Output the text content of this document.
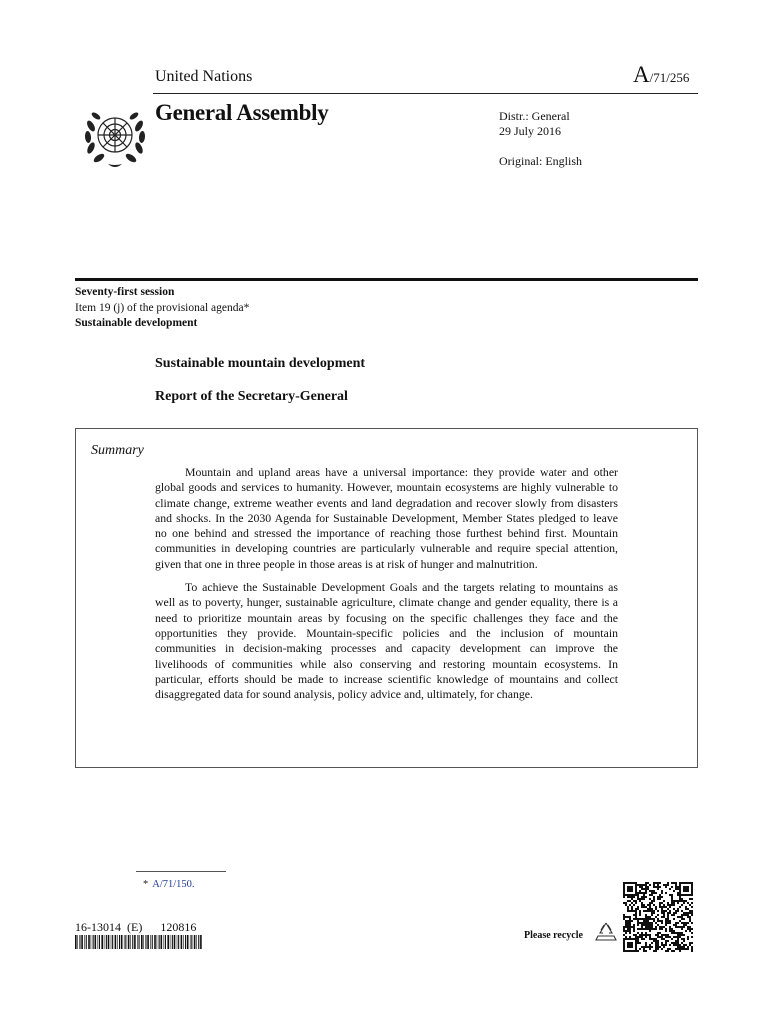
United Nations	A/71/256
General Assembly	Distr.: General
29 July 2016
Original: English
Seventy-first session
Item 19 (j) of the provisional agenda*
Sustainable development
Sustainable mountain development
Report of the Secretary-General
Summary

Mountain and upland areas have a universal importance: they provide water and other global goods and services to humanity. However, mountain ecosystems are highly vulnerable to climate change, extreme weather events and land degradation and recover slowly from disasters and shocks. In the 2030 Agenda for Sustainable Development, Member States pledged to leave no one behind and stressed the importance of reaching those furthest behind first. Mountain communities in developing countries are particularly vulnerable and require special attention, given that one in three people in those areas is at risk of hunger and malnutrition.

To achieve the Sustainable Development Goals and the targets relating to mountains as well as to poverty, hunger, sustainable agriculture, climate change and gender equality, there is a need to prioritize mountain areas by focusing on the specific challenges they face and the opportunities they provide. Mountain-specific policies and the inclusion of mountain communities in decision-making processes and capacity development can improve the livelihoods of communities while also conserving and restoring mountain ecosystems. In particular, efforts should be made to increase scientific knowledge of mountains and collect disaggregated data for sound analysis, policy advice and, ultimately, for change.

* A/71/150.
16-13014 (E) 120816
Please recycle
